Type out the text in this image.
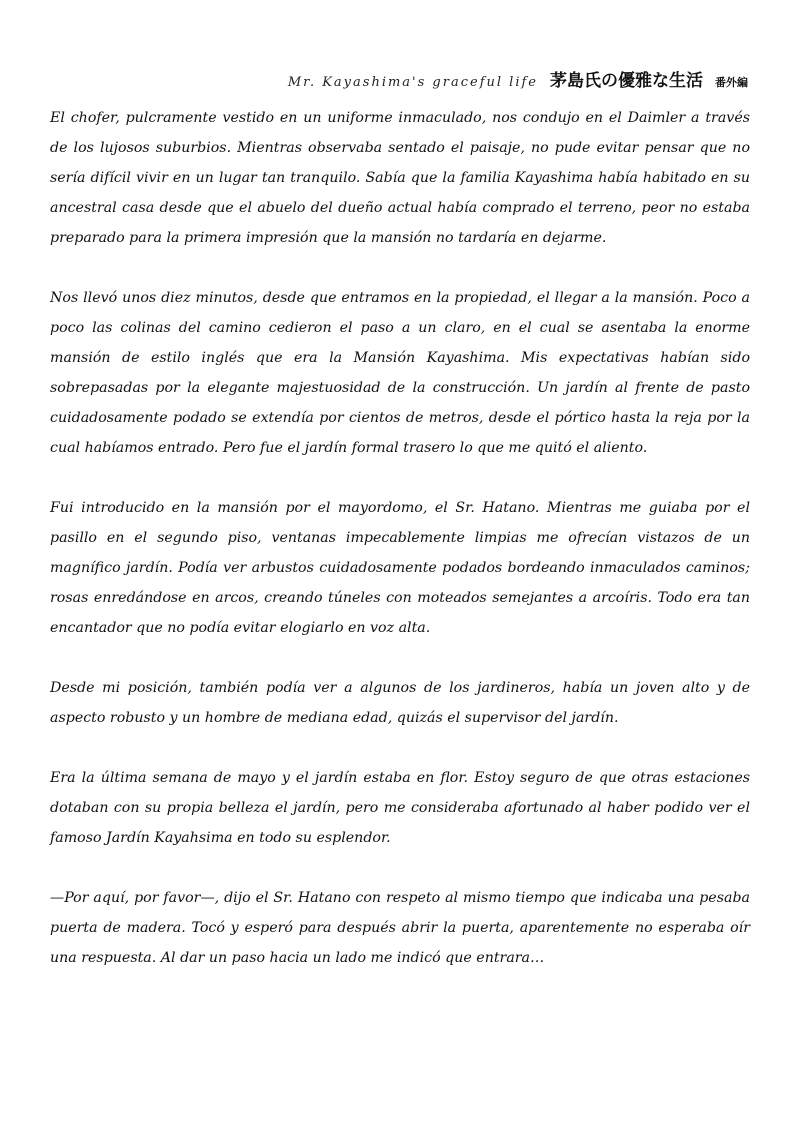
Mr. Kayashima's graceful life 茅島氏の優雅な生活 番外編

El chofer, pulcramente vestido en un uniforme inmaculado, nos condujo en el Daimler a través de los lujosos suburbios. Mientras observaba sentado el paisaje, no pude evitar pensar que no sería difícil vivir en un lugar tan tranquilo. Sabía que la familia Kayashima había habitado en su ancestral casa desde que el abuelo del dueño actual había comprado el terreno, peor no estaba preparado para la primera impresión que la mansión no tardaría en dejarme.

Nos llevó unos diez minutos, desde que entramos en la propiedad, el llegar a la mansión. Poco a poco las colinas del camino cedieron el paso a un claro, en el cual se asentaba la enorme mansión de estilo inglés que era la Mansión Kayashima. Mis expectativas habían sido sobrepasadas por la elegante majestuosidad de la construcción. Un jardín al frente de pasto cuidadosamente podado se extendía por cientos de metros, desde el pórtico hasta la reja por la cual habíamos entrado. Pero fue el jardín formal trasero lo que me quitó el aliento.

Fui introducido en la mansión por el mayordomo, el Sr. Hatano. Mientras me guiaba por el pasillo en el segundo piso, ventanas impecablemente limpias me ofrecían vistazos de un magnífico jardín. Podía ver arbustos cuidadosamente podados bordeando inmaculados caminos; rosas enredándose en arcos, creando túneles con moteados semejantes a arcoíris. Todo era tan encantador que no podía evitar elogiarlo en voz alta.

Desde mi posición, también podía ver a algunos de los jardineros, había un joven alto y de aspecto robusto y un hombre de mediana edad, quizás el supervisor del jardín.

Era la última semana de mayo y el jardín estaba en flor. Estoy seguro de que otras estaciones dotaban con su propia belleza el jardín, pero me consideraba afortunado al haber podido ver el famoso Jardín Kayahsima en todo su esplendor.

—Por aquí, por favor—, dijo el Sr. Hatano con respeto al mismo tiempo que indicaba una pesaba puerta de madera. Tocó y esperó para después abrir la puerta, aparentemente no esperaba oír una respuesta. Al dar un paso hacia un lado me indicó que entrara…
